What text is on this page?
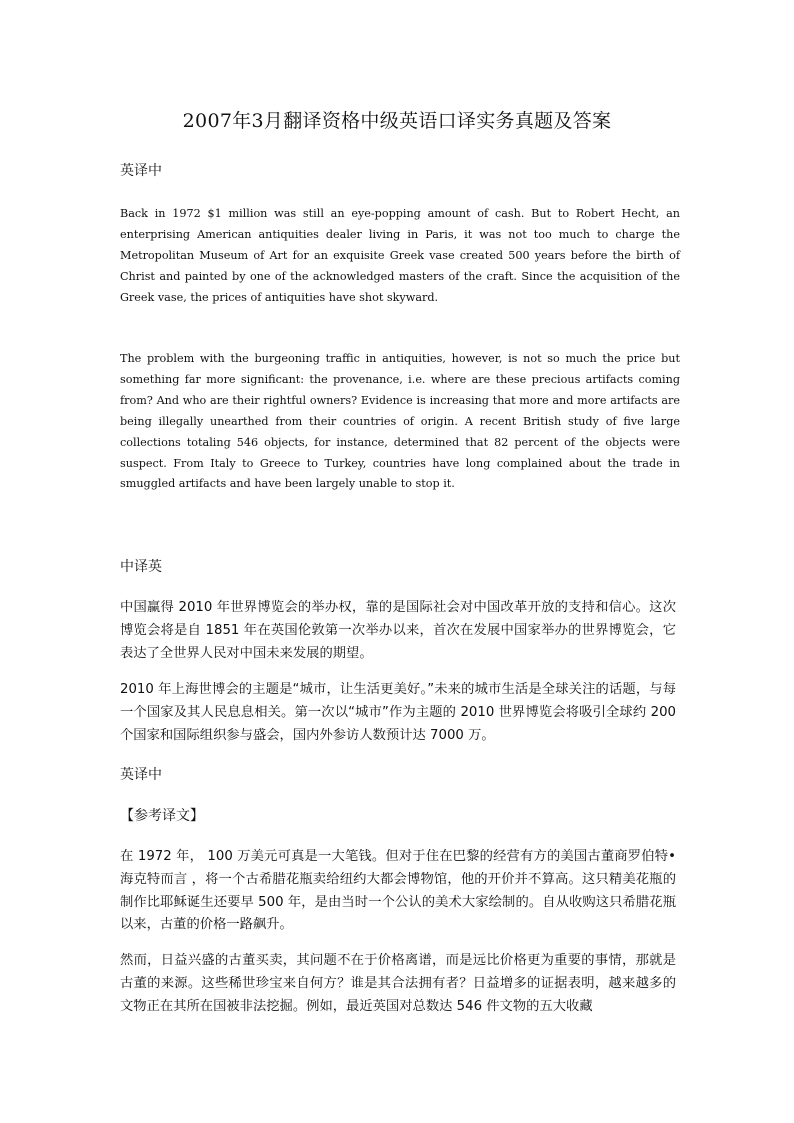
2007年3月翻译资格中级英语口译实务真题及答案
英译中
Back in 1972 $1 million was still an eye-popping amount of cash. But to Robert Hecht, an enterprising American antiquities dealer living in Paris, it was not too much to charge the Metropolitan Museum of Art for an exquisite Greek vase created 500 years before the birth of Christ and painted by one of the acknowledged masters of the craft. Since the acquisition of the Greek vase, the prices of antiquities have shot skyward.
The problem with the burgeoning traffic in antiquities, however, is not so much the price but something far more significant: the provenance, i.e. where are these precious artifacts coming from? And who are their rightful owners? Evidence is increasing that more and more artifacts are being illegally unearthed from their countries of origin. A recent British study of five large collections totaling 546 objects, for instance, determined that 82 percent of the objects were suspect. From Italy to Greece to Turkey, countries have long complained about the trade in smuggled artifacts and have been largely unable to stop it.
中译英
中国赢得 2010 年世界博览会的举办权，靠的是国际社会对中国改革开放的支持和信心。这次博览会将是自 1851 年在英国伦敦第一次举办以来，首次在发展中国家举办的世界博览会，它表达了全世界人民对中国未来发展的期望。
2010 年上海世博会的主题是“城市，让生活更美好。”未来的城市生活是全球关注的话题，与每一个国家及其人民息息相关。第一次以“城市”作为主题的 2010 世界博览会将吸引全球约 200 个国家和国际组织参与盛会，国内外参访人数预计达 7000 万。
英译中
【参考译文】
在 1972 年， 100 万美元可真是一大笔钱。但对于住在巴黎的经营有方的美国古董商罗伯特•海克特而言 ，将一个古希腊花瓶卖给纽约大都会博物馆，他的开价并不算高。这只精美花瓶的制作比耶稣诞生还要早 500 年，是由当时一个公认的美术大家绘制的。自从收购这只希腊花瓶以来，古董的价格一路飙升。
然而，日益兴盛的古董买卖，其问题不在于价格离谱，而是远比价格更为重要的事情，那就是古董的来源。这些稀世珍宝来自何方？谁是其合法拥有者？日益增多的证据表明，越来越多的文物正在其所在国被非法挖掘。例如，最近英国对总数达 546 件文物的五大收藏
